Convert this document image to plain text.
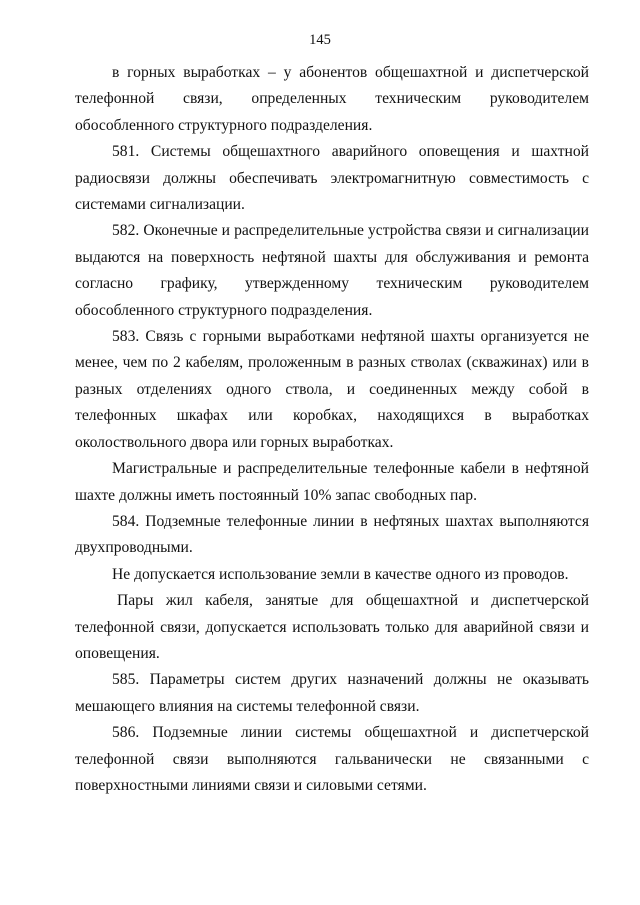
145

в горных выработках – у абонентов общешахтной и диспетчерской телефонной связи, определенных техническим руководителем обособленного структурного подразделения.

581. Системы общешахтного аварийного оповещения и шахтной радиосвязи должны обеспечивать электромагнитную совместимость с системами сигнализации.

582. Оконечные и распределительные устройства связи и сигнализации выдаются на поверхность нефтяной шахты для обслуживания и ремонта согласно графику, утвержденному техническим руководителем обособленного структурного подразделения.

583. Связь с горными выработками нефтяной шахты организуется не менее, чем по 2 кабелям, проложенным в разных стволах (скважинах) или в разных отделениях одного ствола, и соединенных между собой в телефонных шкафах или коробках, находящихся в выработках околоствольного двора или горных выработках.

Магистральные и распределительные телефонные кабели в нефтяной шахте должны иметь постоянный 10% запас свободных пар.

584. Подземные телефонные линии в нефтяных шахтах выполняются двухпроводными.

Не допускается использование земли в качестве одного из проводов.

Пары жил кабеля, занятые для общешахтной и диспетчерской телефонной связи, допускается использовать только для аварийной связи и оповещения.

585. Параметры систем других назначений должны не оказывать мешающего влияния на системы телефонной связи.

586. Подземные линии системы общешахтной и диспетчерской телефонной связи выполняются гальванически не связанными с поверхностными линиями связи и силовыми сетями.
